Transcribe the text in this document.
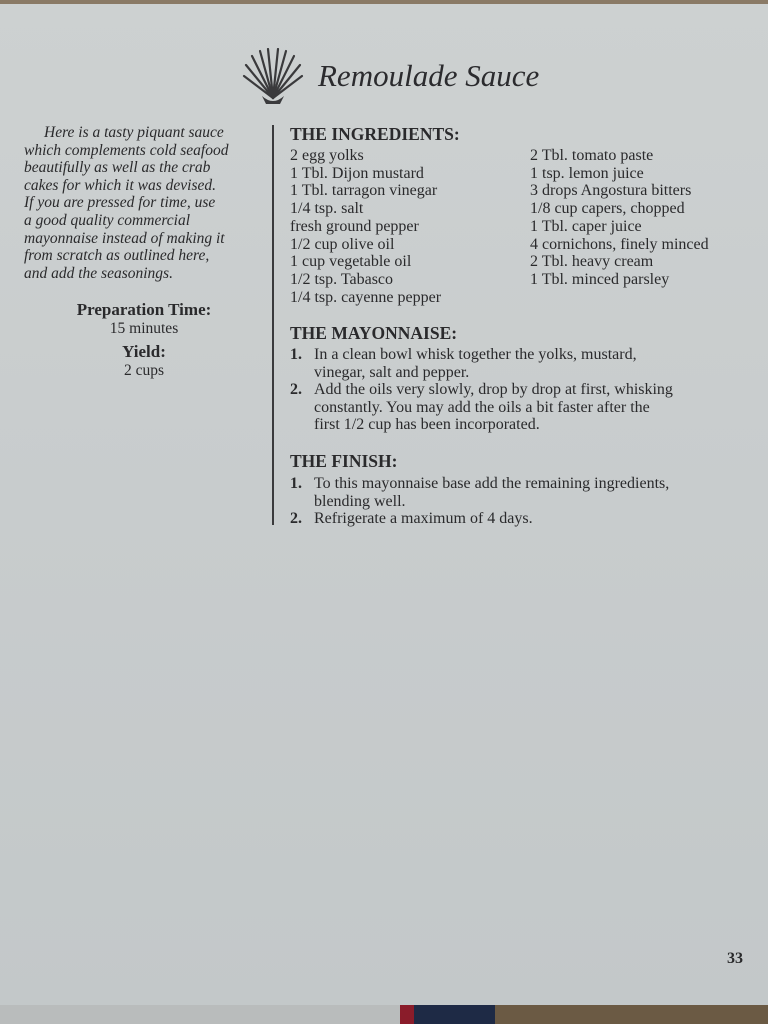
Remoulade Sauce
Here is a tasty piquant sauce
which complements cold seafood
beautifully as well as the crab
cakes for which it was devised.
If you are pressed for time, use
a good quality commercial
mayonnaise instead of making it
from scratch as outlined here,
and add the seasonings.
Preparation Time:
15 minutes
Yield:
2 cups
THE INGREDIENTS:
2 egg yolks
1 Tbl. Dijon mustard
1 Tbl. tarragon vinegar
1/4 tsp. salt
fresh ground pepper
1/2 cup olive oil
1 cup vegetable oil
1/2 tsp. Tabasco
1/4 tsp. cayenne pepper
2 Tbl. tomato paste
1 tsp. lemon juice
3 drops Angostura bitters
1/8 cup capers, chopped
1 Tbl. caper juice
4 cornichons, finely minced
2 Tbl. heavy cream
1 Tbl. minced parsley
THE MAYONNAISE:
1. In a clean bowl whisk together the yolks, mustard,
vinegar, salt and pepper.
2. Add the oils very slowly, drop by drop at first, whisking
constantly. You may add the oils a bit faster after the
first 1/2 cup has been incorporated.
THE FINISH:
1. To this mayonnaise base add the remaining ingredients,
blending well.
2. Refrigerate a maximum of 4 days.
33
